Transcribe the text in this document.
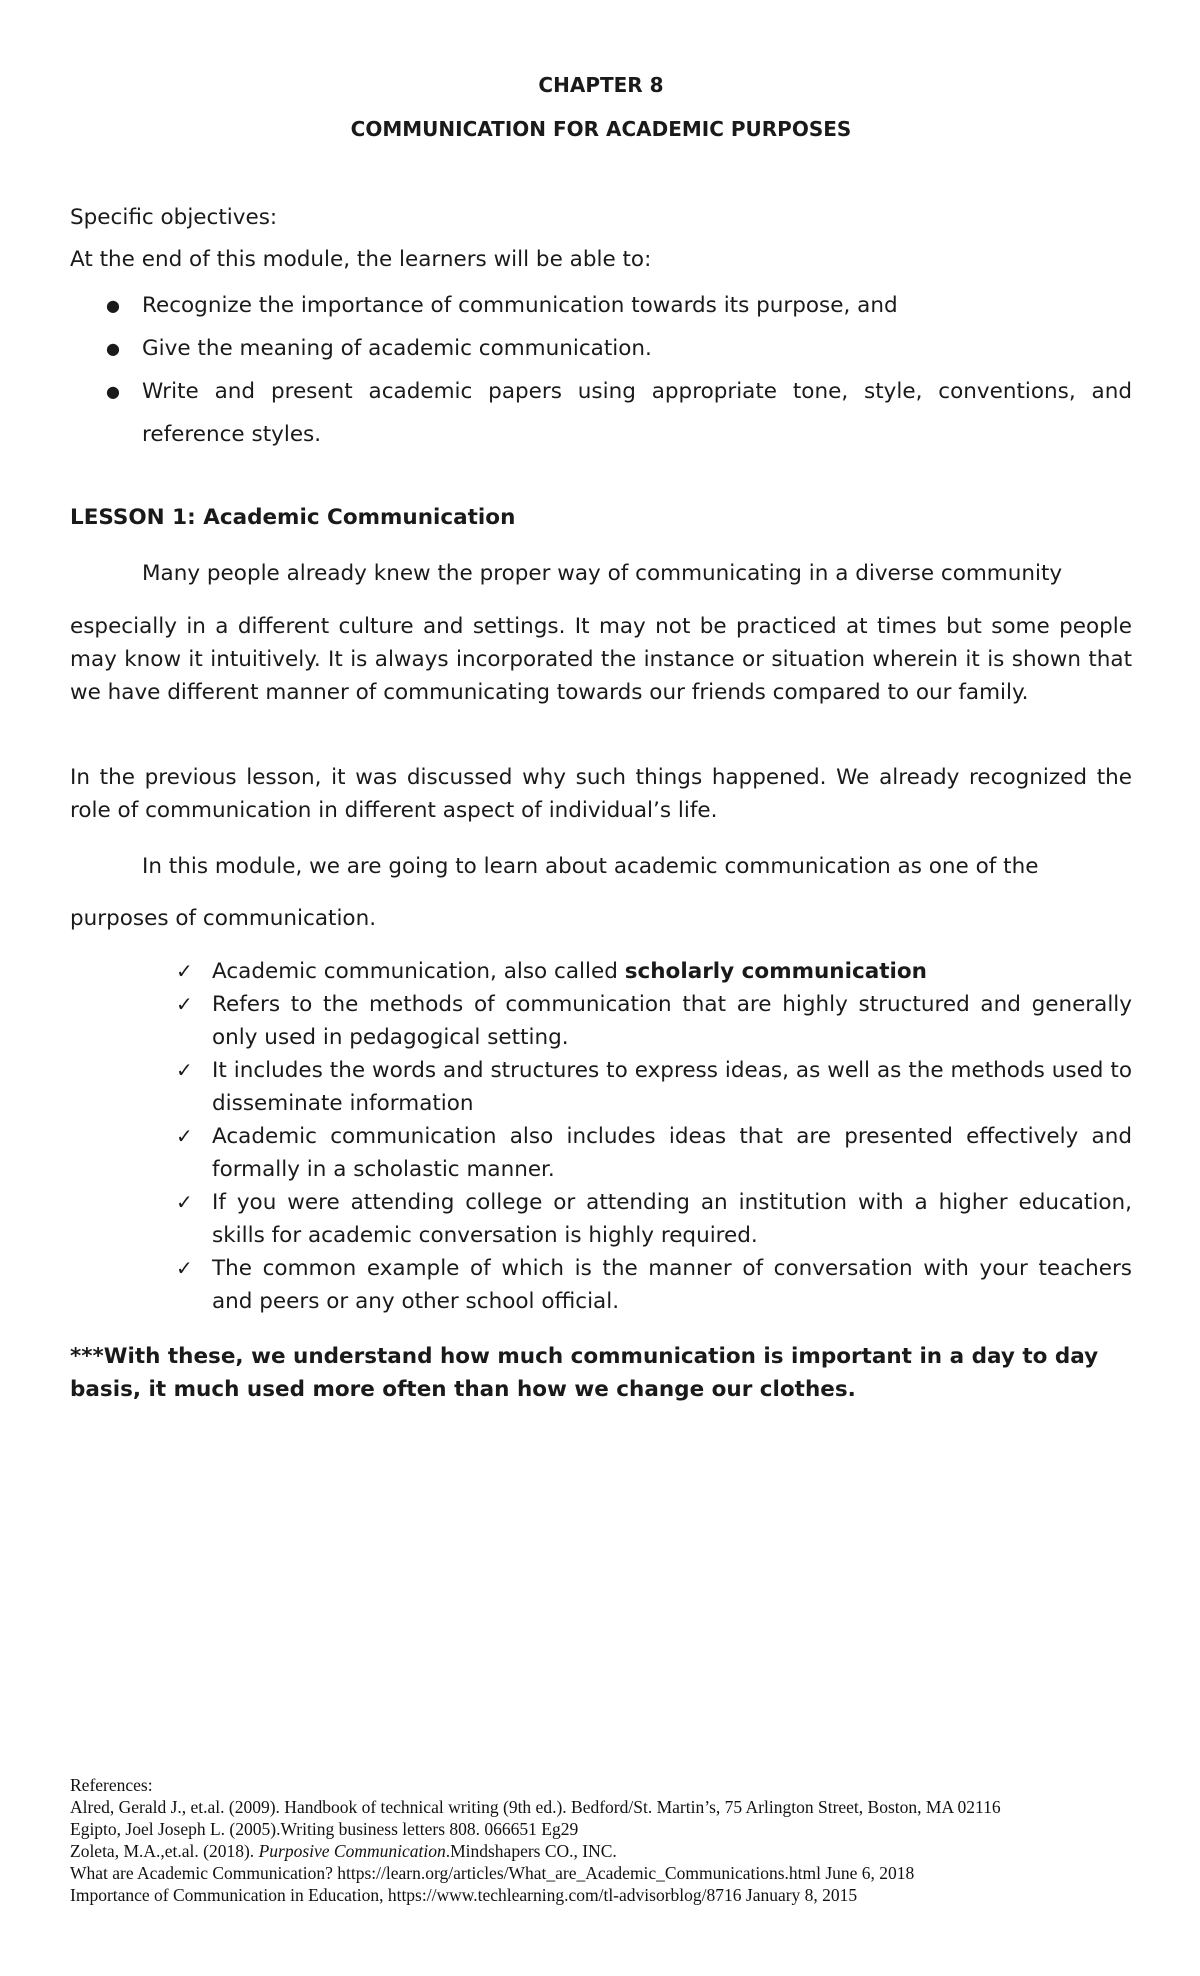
CHAPTER 8
COMMUNICATION FOR ACADEMIC PURPOSES

Specific objectives:

At the end of this module, the learners will be able to:

● Recognize the importance of communication towards its purpose, and
● Give the meaning of academic communication.
● Write and present academic papers using appropriate tone, style, conventions, and reference styles.
LESSON 1: Academic Communication

Many people already knew the proper way of communicating in a diverse community

especially in a different culture and settings. It may not be practiced at times but some people may know it intuitively. It is always incorporated the instance or situation wherein it is shown that we have different manner of communicating towards our friends compared to our family.

In the previous lesson, it was discussed why such things happened. We already recognized the role of communication in different aspect of individual’s life.

In this module, we are going to learn about academic communication as one of the

purposes of communication.

✓ Academic communication, also called scholarly communication
✓ Refers to the methods of communication that are highly structured and generally only used in pedagogical setting.
✓ It includes the words and structures to express ideas, as well as the methods used to disseminate information
✓ Academic communication also includes ideas that are presented effectively and formally in a scholastic manner.
✓ If you were attending college or attending an institution with a higher education, skills for academic conversation is highly required.
✓ The common example of which is the manner of conversation with your teachers and peers or any other school official.

***With these, we understand how much communication is important in a day to day basis, it much used more often than how we change our clothes.

References:
Alred, Gerald J., et.al. (2009). Handbook of technical writing (9th ed.). Bedford/St. Martin’s, 75 Arlington Street, Boston, MA 02116
Egipto, Joel Joseph L. (2005).Writing business letters 808. 066651 Eg29
Zoleta, M.A.,et.al. (2018). Purposive Communication.Mindshapers CO., INC.
What are Academic Communication? https://learn.org/articles/What_are_Academic_Communications.html June 6, 2018
Importance of Communication in Education, https://www.techlearning.com/tl-advisorblog/8716 January 8, 2015
